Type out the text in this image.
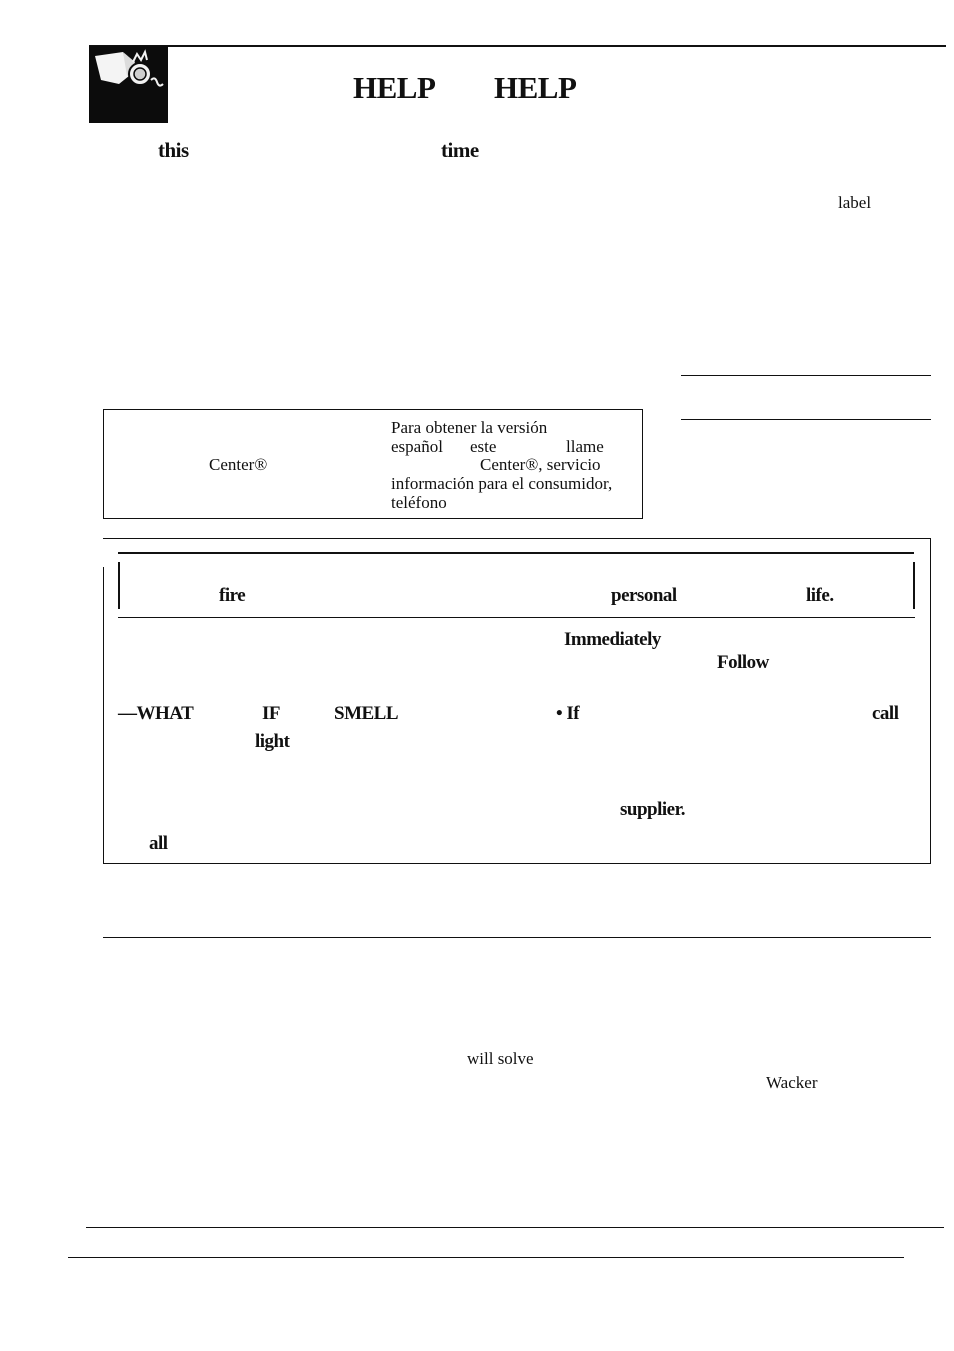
HELP HELP
this	time
label
Center®
Para obtener la versión
español este	llame
Center®, servicio
información para el consumidor,
teléfono
fire	personal	life.
Immediately
Follow
—WHAT	IF	SMELL	• If	call
light
supplier.
all
will solve
Wacker
